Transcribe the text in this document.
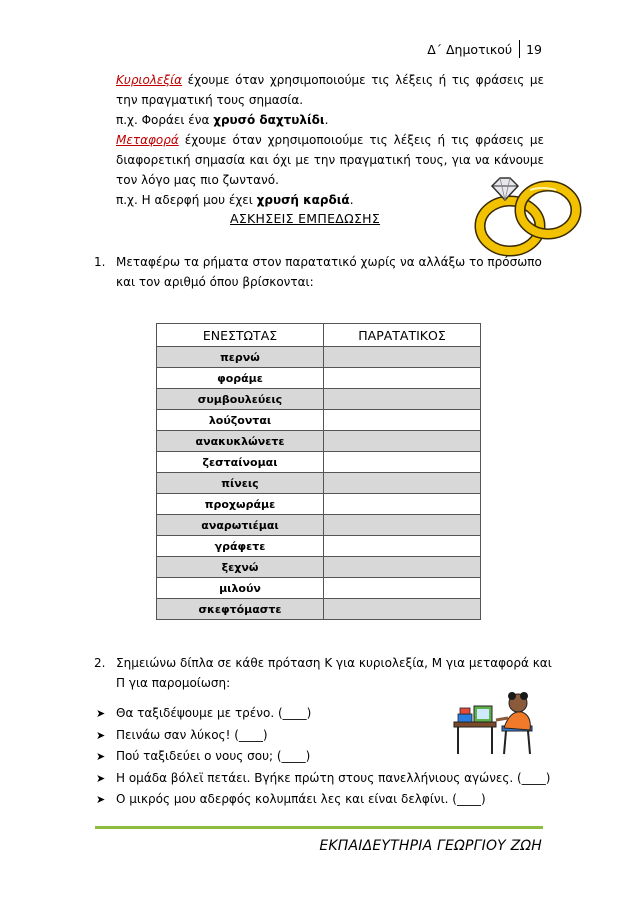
Δ΄ Δημοτικού 19

Κυριολεξία έχουμε όταν χρησιμοποιούμε τις λέξεις ή τις φράσεις με την πραγματική τους σημασία.

π.χ. Φοράει ένα χρυσό δαχτυλίδι.

Μεταφορά έχουμε όταν χρησιμοποιούμε τις λέξεις ή τις φράσεις με διαφορετική σημασία και όχι με την πραγματική τους, για να κάνουμε τον λόγο μας πιο ζωντανό.

π.χ. Η αδερφή μου έχει χρυσή καρδιά.

ΑΣΚΗΣΕΙΣ ΕΜΠΕΔΩΣΗΣ
1. Μεταφέρω τα ρήματα στον παρατατικό χωρίς να αλλάξω το πρόσωπο και τον αριθμό όπου βρίσκονται:
ΕΝΕΣΤΩΤΑΣ	ΠΑΡΑΤΑΤΙΚΟΣ
περνώ	
φοράμε	
συμβουλεύεις	
λούζονται	
ανακυκλώνετε	
ζεσταίνομαι	
πίνεις	
προχωράμε	
αναρωτιέμαι	
γράφετε	
ξεχνώ	
μιλούν	
σκεφτόμαστε	
2. Σημειώνω δίπλα σε κάθε πρόταση Κ για κυριολεξία, Μ για μεταφορά και Π για παρομοίωση:
➤ Θα ταξιδέψουμε με τρένο. (____)
➤ Πεινάω σαν λύκος! (____)
➤ Πού ταξιδεύει ο νους σου; (____)
➤ Η ομάδα βόλεϊ πετάει. Βγήκε πρώτη στους πανελλήνιους αγώνες. (____)
➤ Ο μικρός μου αδερφός κολυμπάει λες και είναι δελφίνι. (____)
ΕΚΠΑΙΔΕΥΤΗΡΙΑ ΓΕΩΡΓΙΟΥ ΖΩΗ
